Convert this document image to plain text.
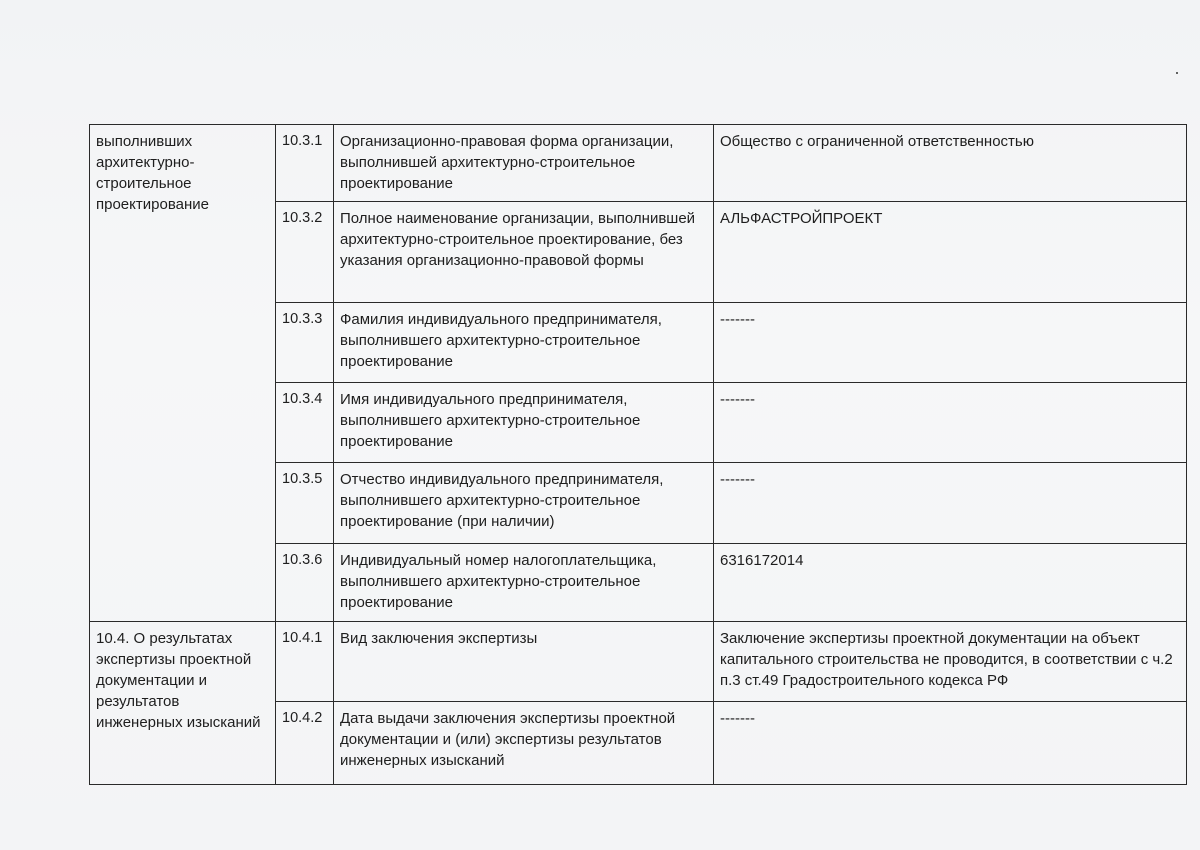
выполнивших архитектурно-строительное проектирование	10.3.1	Организационно-правовая форма организации, выполнившей архитектурно-строительное проектирование	Общество с ограниченной ответственностью
	10.3.2	Полное наименование организации, выполнившей архитектурно-строительное проектирование, без указания организационно-правовой формы	АЛЬФАСТРОЙПРОЕКТ
	10.3.3	Фамилия индивидуального предпринимателя, выполнившего архитектурно-строительное проектирование	-------
	10.3.4	Имя индивидуального предпринимателя, выполнившего архитектурно-строительное проектирование	-------
	10.3.5	Отчество индивидуального предпринимателя, выполнившего архитектурно-строительное проектирование (при наличии)	-------
	10.3.6	Индивидуальный номер налогоплательщика, выполнившего архитектурно-строительное проектирование	6316172014
10.4. О результатах экспертизы проектной документации и результатов инженерных изысканий	10.4.1	Вид заключения экспертизы	Заключение экспертизы проектной документации на объект капитального строительства не проводится, в соответствии с ч.2 п.3 ст.49 Градостроительного кодекса РФ
	10.4.2	Дата выдачи заключения экспертизы проектной документации и (или) экспертизы результатов инженерных изысканий	-------
